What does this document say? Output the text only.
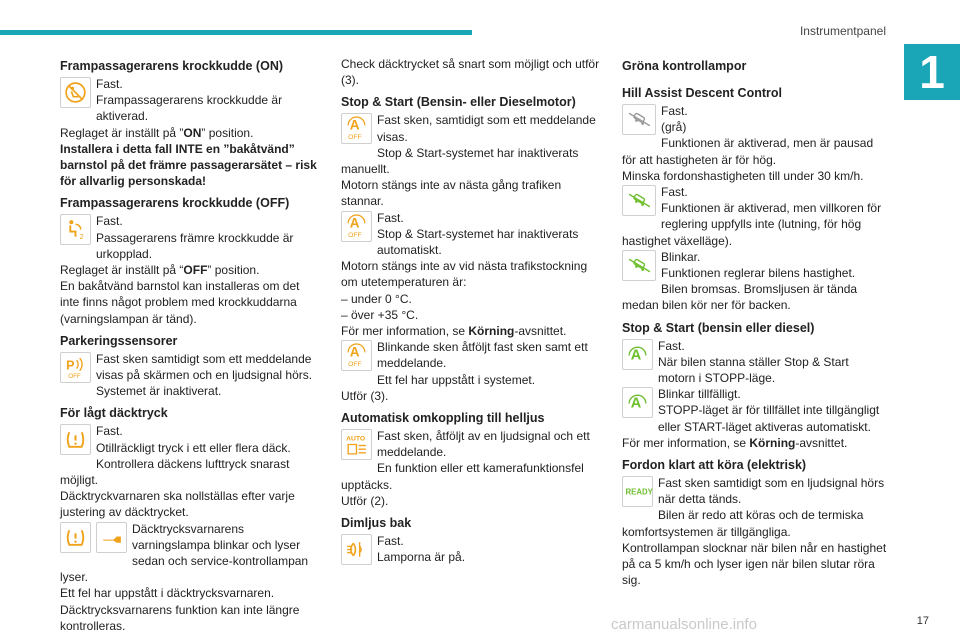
Instrumentpanel
1
Frampassagerarens krockkudde (ON)

Fast.

Frampassagerarens krockkudde är aktiverad.

Reglaget är inställt på ”ON” position.

Installera i detta fall INTE en ”bakåtvänd” barnstol på det främre passagerarsätet – risk för allvarlig personskada!

Frampassagerarens krockkudde (OFF)
2

Fast.

Passagerarens främre krockkudde är urkopplad.

Reglaget är inställt på “OFF” position.

En bakåtvänd barnstol kan installeras om det inte finns något problem med krockkuddarna (varningslampan är tänd).

Parkeringssensorer
P
OFF

Fast sken samtidigt som ett meddelande visas på skärmen och en ljudsignal hörs.

Systemet är inaktiverat.

För lågt däcktryck

Fast.

Otillräckligt tryck i ett eller flera däck.

Kontrollera däckens lufttryck snarast möjligt.

Däcktryckvarnaren ska nollställas efter varje justering av däcktrycket.

Däcktrycksvarnarens varningslampa blinkar och lyser sedan och service-kontrollampan lyser.

Ett fel har uppstått i däcktrycksvarnaren.

Däcktrycksvarnarens funktion kan inte längre kontrolleras.

Check däcktrycket så snart som möjligt och utför (3).

Stop & Start (Bensin- eller Dieselmotor)
A
OFF

Fast sken, samtidigt som ett meddelande visas.

Stop & Start-systemet har inaktiverats manuellt.

Motorn stängs inte av nästa gång trafiken stannar.

A
OFF

Fast.

Stop & Start-systemet har inaktiverats automatiskt.

Motorn stängs inte av vid nästa trafikstockning om utetemperaturen är:

– under 0 °C.

– över +35 °C.

För mer information, se Körning-avsnittet.

A
OFF

Blinkande sken åtföljt fast sken samt ett meddelande.

Ett fel har uppstått i systemet.

Utför (3).

Automatisk omkoppling till helljus
AUTO Fast sken, åtföljt av en ljudsignal och ett meddelande.

En funktion eller ett kamerafunktionsfel upptäcks.

Utför (2).

Dimljus bak

Fast.

Lamporna är på.

Gröna kontrollampor
Hill Assist Descent Control

Fast.

(grå)

Funktionen är aktiverad, men är pausad för att hastigheten är för hög.

Minska fordonshastigheten till under 30 km/h.

Fast.

Funktionen är aktiverad, men villkoren för reglering uppfylls inte (lutning, för hög hastighet växelläge).

Blinkar.

Funktionen reglerar bilens hastighet.

Bilen bromsas. Bromsljusen är tända medan bilen kör ner för backen.

Stop & Start (bensin eller diesel)
A

Fast.

När bilen stanna ställer Stop & Start motorn i STOPP-läge.

A

Blinkar tillfälligt.

STOPP-läget är för tillfället inte tillgängligt eller START-läget aktiveras automatiskt.

För mer information, se Körning-avsnittet.

Fordon klart att köra (elektrisk)
READY

Fast sken samtidigt som en ljudsignal hörs när detta tänds.

Bilen är redo att köras och de termiska komfortsystemen är tillgängliga.

Kontrollampan slocknar när bilen når en hastighet på ca 5 km/h och lyser igen när bilen slutar röra sig.

carmanualsonline.info	17
